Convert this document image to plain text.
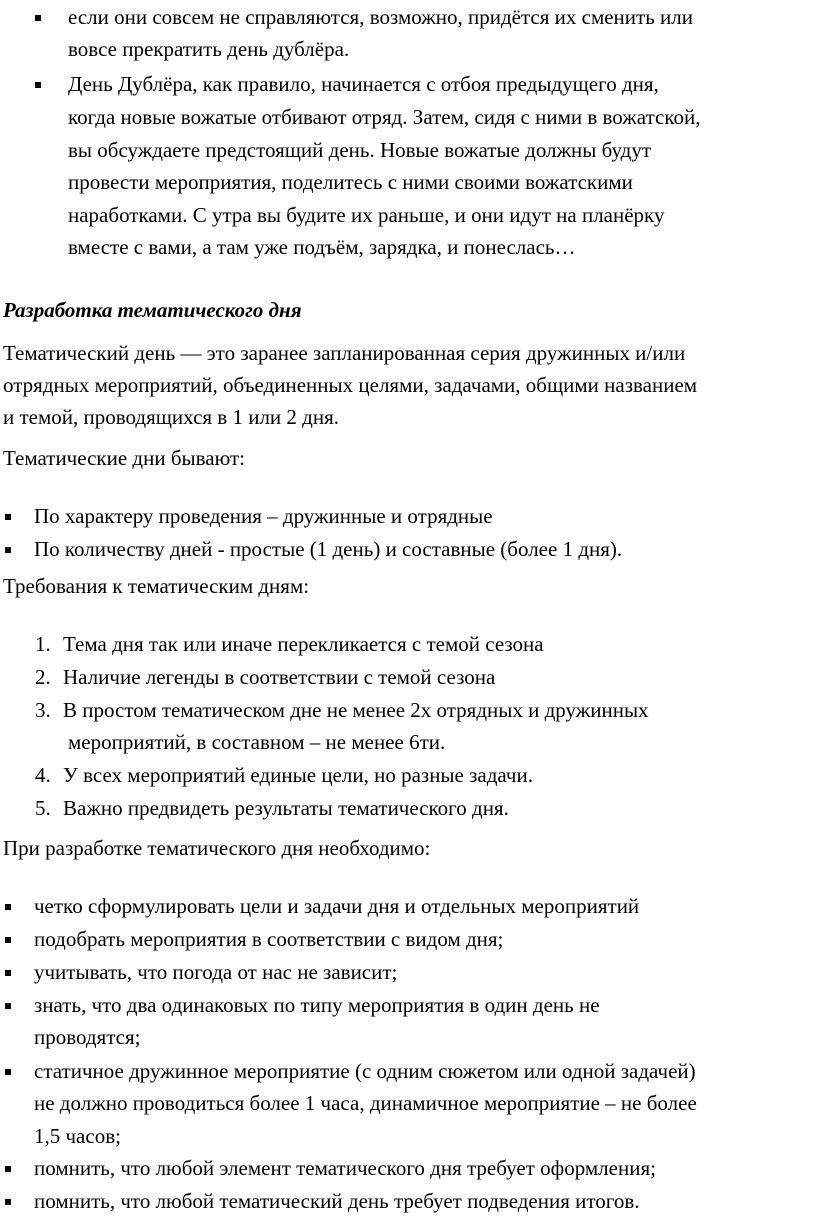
если они совсем не справляются, возможно, придётся их сменить или
вовсе прекратить день дублёра.
День Дублёра, как правило, начинается с отбоя предыдущего дня,
когда новые вожатые отбивают отряд. Затем, сидя с ними в вожатской,
вы обсуждаете предстоящий день. Новые вожатые должны будут
провести мероприятия, поделитесь с ними своими вожатскими
наработками. С утра вы будите их раньше, и они идут на планёрку
вместе с вами, а там уже подъём, зарядка, и понеслась…
Разработка тематического дня
Тематический день — это заранее запланированная серия дружинных и/или
отрядных мероприятий, объединенных целями, задачами, общими названием
и темой, проводящихся в 1 или 2 дня.
Тематические дни бывают:
По характеру проведения – дружинные и отрядные
По количеству дней - простые (1 день) и составные (более 1 дня).
Требования к тематическим дням:
1. Тема дня так или иначе перекликается с темой сезона
2. Наличие легенды в соответствии с темой сезона
3. В простом тематическом дне не менее 2х отрядных и дружинных
мероприятий, в составном – не менее 6ти.
4. У всех мероприятий единые цели, но разные задачи.
5. Важно предвидеть результаты тематического дня.
При разработке тематического дня необходимо:
четко сформулировать цели и задачи дня и отдельных мероприятий
подобрать мероприятия в соответствии с видом дня;
учитывать, что погода от нас не зависит;
знать, что два одинаковых по типу мероприятия в один день не
проводятся;
статичное дружинное мероприятие (с одним сюжетом или одной задачей)
не должно проводиться более 1 часа, динамичное мероприятие – не более
1,5 часов;
помнить, что любой элемент тематического дня требует оформления;
помнить, что любой тематический день требует подведения итогов.
